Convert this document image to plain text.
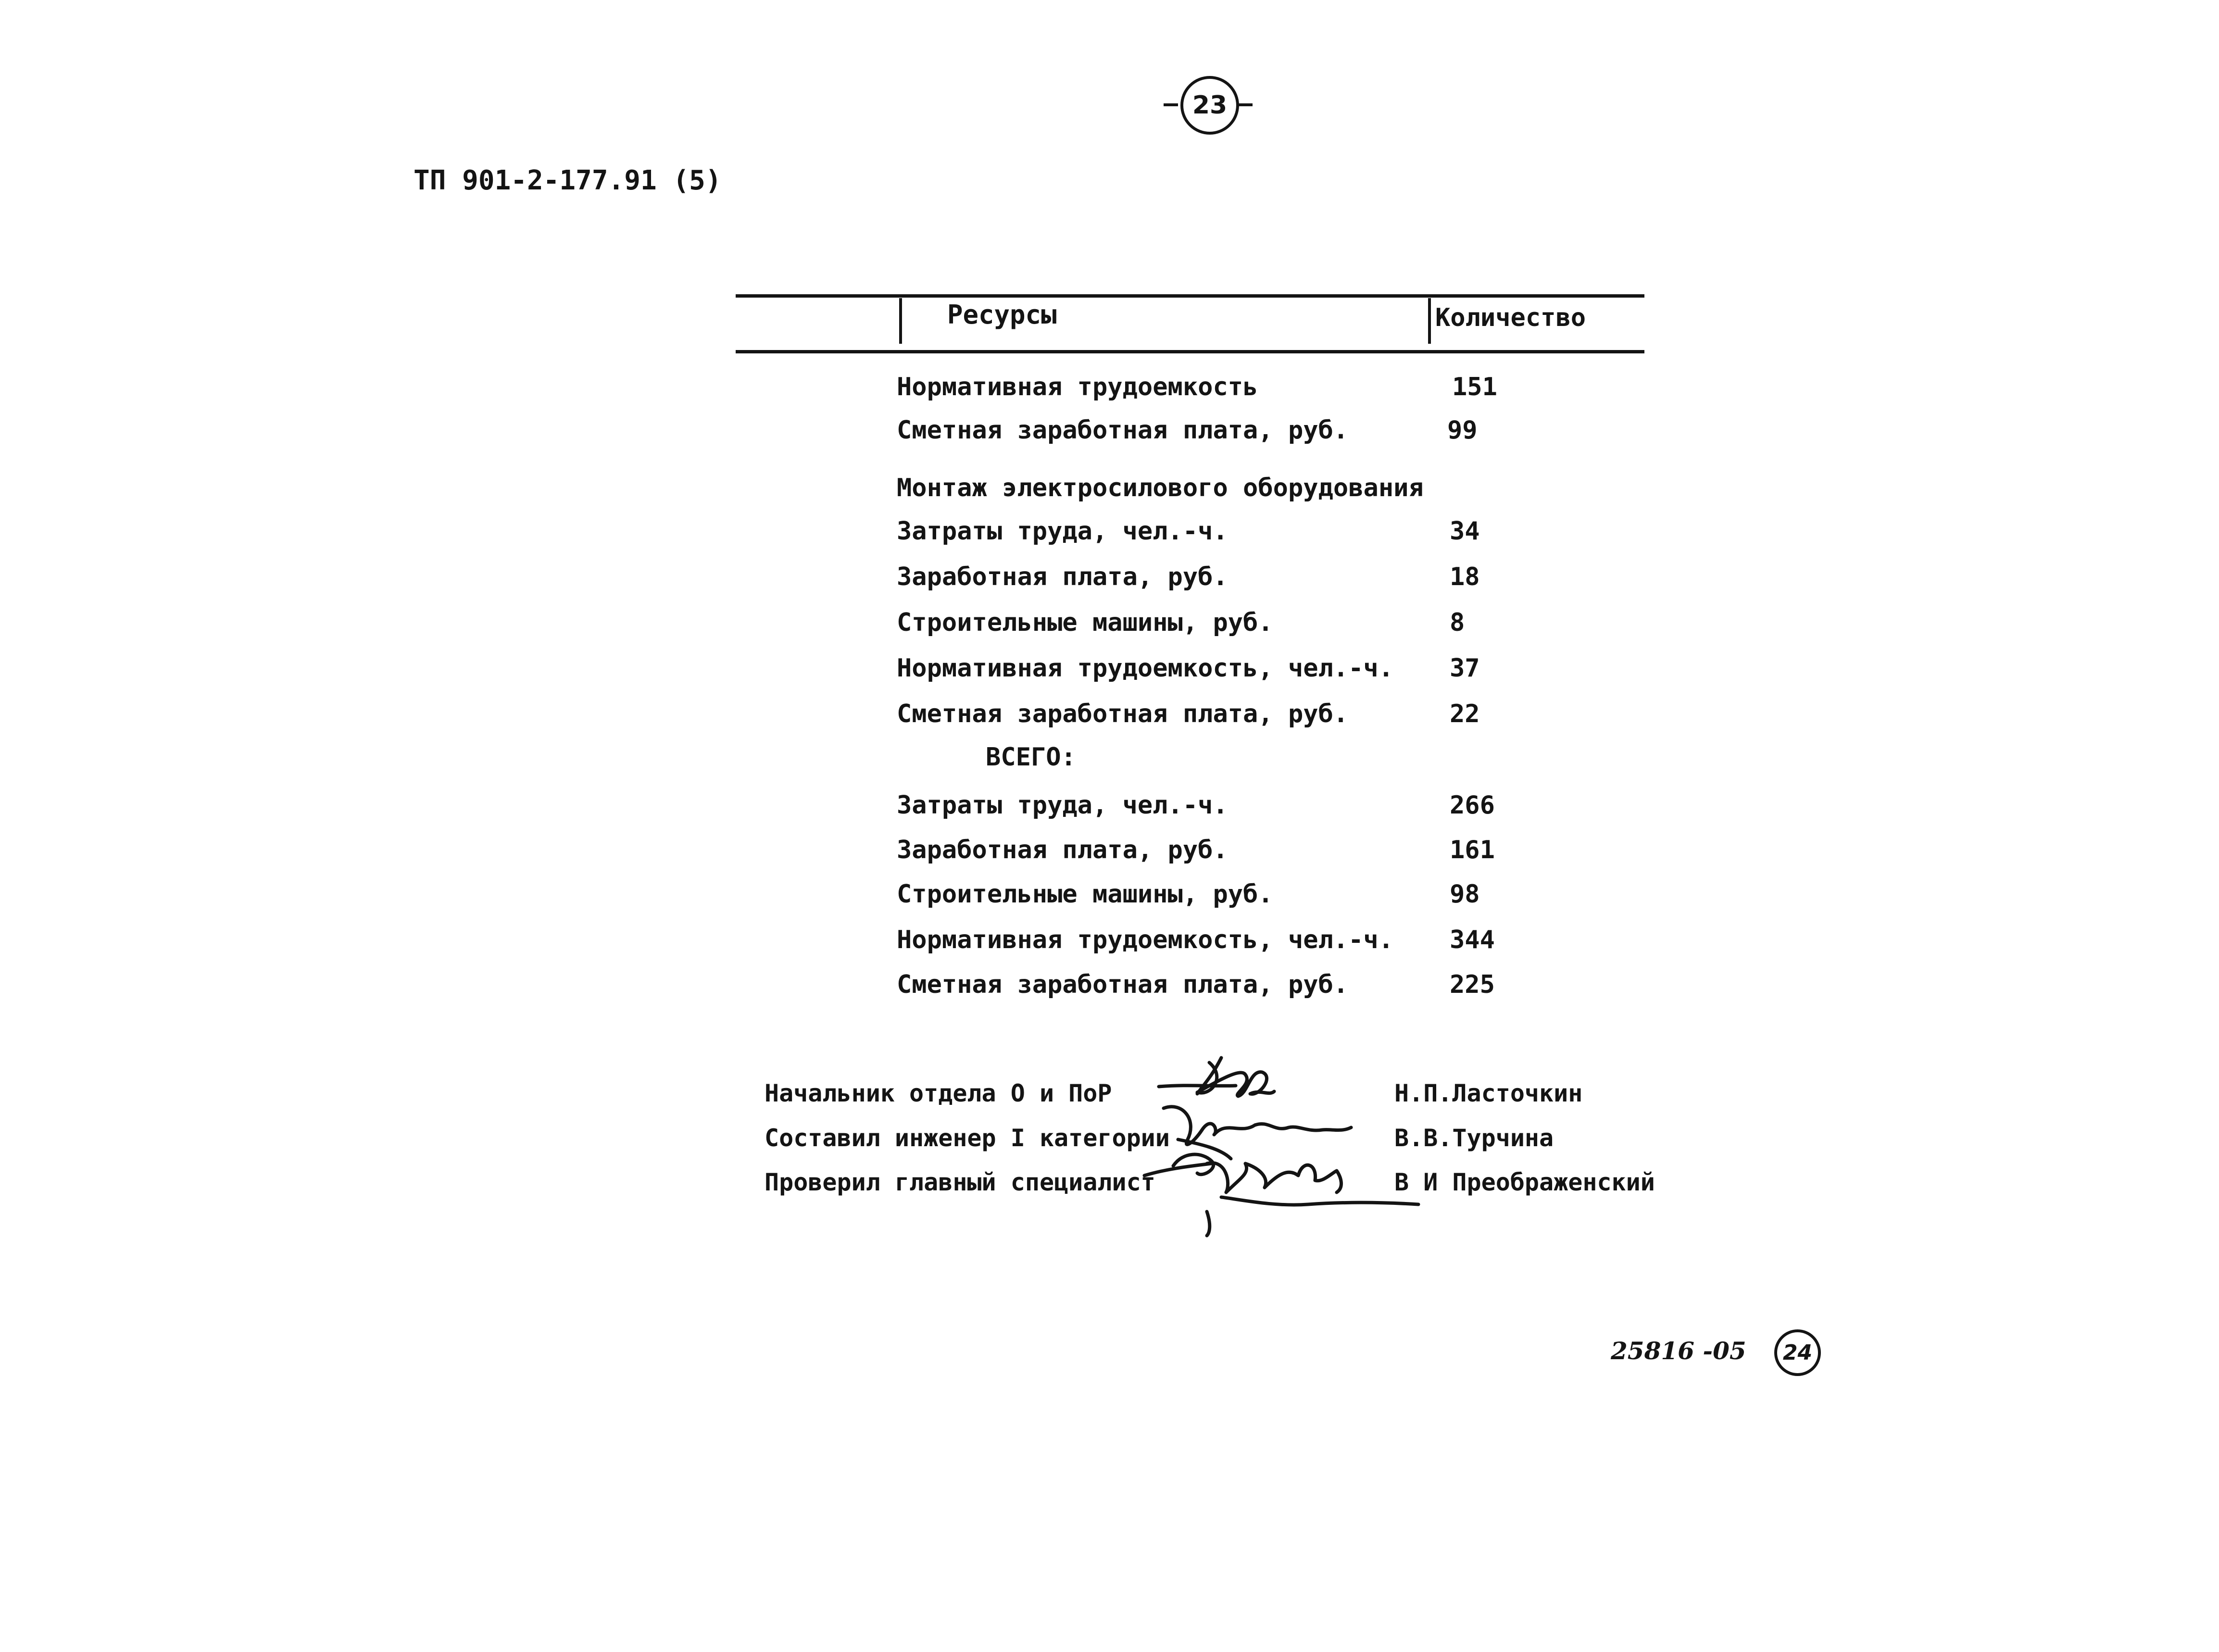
23
ТП 901-2-177.91 (5)
Ресурсы	Количество
Нормативная трудоемкость	151
Сметная заработная плата, руб.	99
Монтаж электросилового оборудования
Затраты труда, чел.-ч.	34
Заработная плата, руб.	18
Строительные машины, руб.	8
Нормативная трудоемкость, чел.-ч. 37
Сметная заработная плата, руб.	22
ВСЕГО:
Затраты труда, чел.-ч.	266
Заработная плата, руб.	161
Строительные машины, руб.	98
Нормативная трудоемкость, чел.-ч. 344
Сметная заработная плата, руб.	225
Начальник отдела О и ПоР	Н.П.Ласточкин
Составил инженер I категории	В.В.Турчина
Проверил главный специалист	В И Преображенский
25816 -05	24
